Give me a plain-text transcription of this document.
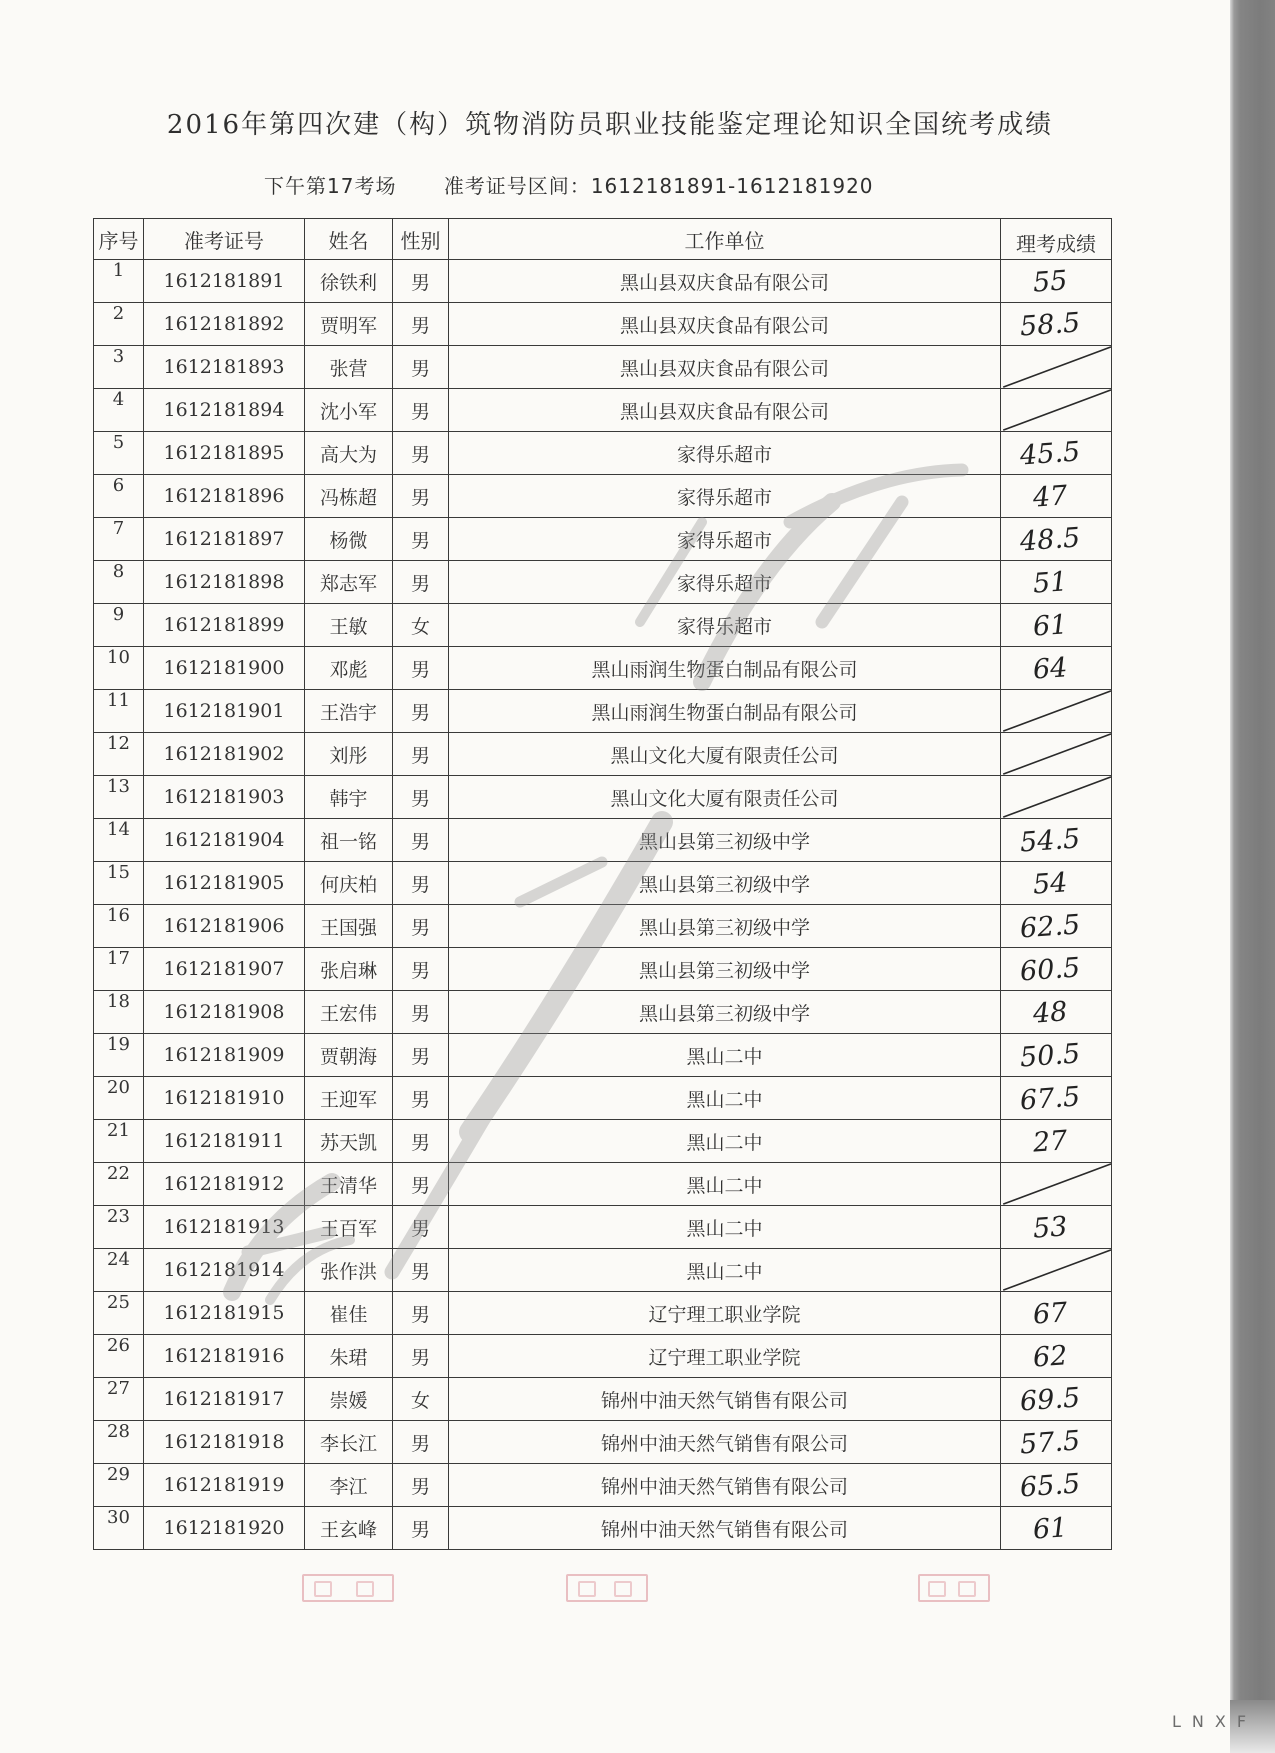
2016年第四次建（构）筑物消防员职业技能鉴定理论知识全国统考成绩
下午第17考场 准考证号区间：1612181891-1612181920
序号	准考证号	姓名	性别	工作单位	理考成绩
1	1612181891	徐铁利	男	黑山县双庆食品有限公司	55
2	1612181892	贾明军	男	黑山县双庆食品有限公司	58.5
3	1612181893	张营	男	黑山县双庆食品有限公司	

4	1612181894	沈小军	男	黑山县双庆食品有限公司	

5	1612181895	高大为	男	家得乐超市	45.5
6	1612181896	冯栋超	男	家得乐超市	47
7	1612181897	杨微	男	家得乐超市	48.5
8	1612181898	郑志军	男	家得乐超市	51
9	1612181899	王敏	女	家得乐超市	61
10	1612181900	邓彪	男	黑山雨润生物蛋白制品有限公司	64
11	1612181901	王浩宇	男	黑山雨润生物蛋白制品有限公司	

12	1612181902	刘彤	男	黑山文化大厦有限责任公司	

13	1612181903	韩宇	男	黑山文化大厦有限责任公司	

14	1612181904	祖一铭	男	黑山县第三初级中学	54.5
15	1612181905	何庆柏	男	黑山县第三初级中学	54
16	1612181906	王国强	男	黑山县第三初级中学	62.5
17	1612181907	张启琳	男	黑山县第三初级中学	60.5
18	1612181908	王宏伟	男	黑山县第三初级中学	48
19	1612181909	贾朝海	男	黑山二中	50.5
20	1612181910	王迎军	男	黑山二中	67.5
21	1612181911	苏天凯	男	黑山二中	27
22	1612181912	王清华	男	黑山二中	

23	1612181913	王百军	男	黑山二中	53
24	1612181914	张作洪	男	黑山二中	

25	1612181915	崔佳	男	辽宁理工职业学院	67
26	1612181916	朱珺	男	辽宁理工职业学院	62
27	1612181917	崇媛	女	锦州中油天然气销售有限公司	69.5
28	1612181918	李长江	男	锦州中油天然气销售有限公司	57.5
29	1612181919	李江	男	锦州中油天然气销售有限公司	65.5
30	1612181920	王玄峰	男	锦州中油天然气销售有限公司	61
LNXF
